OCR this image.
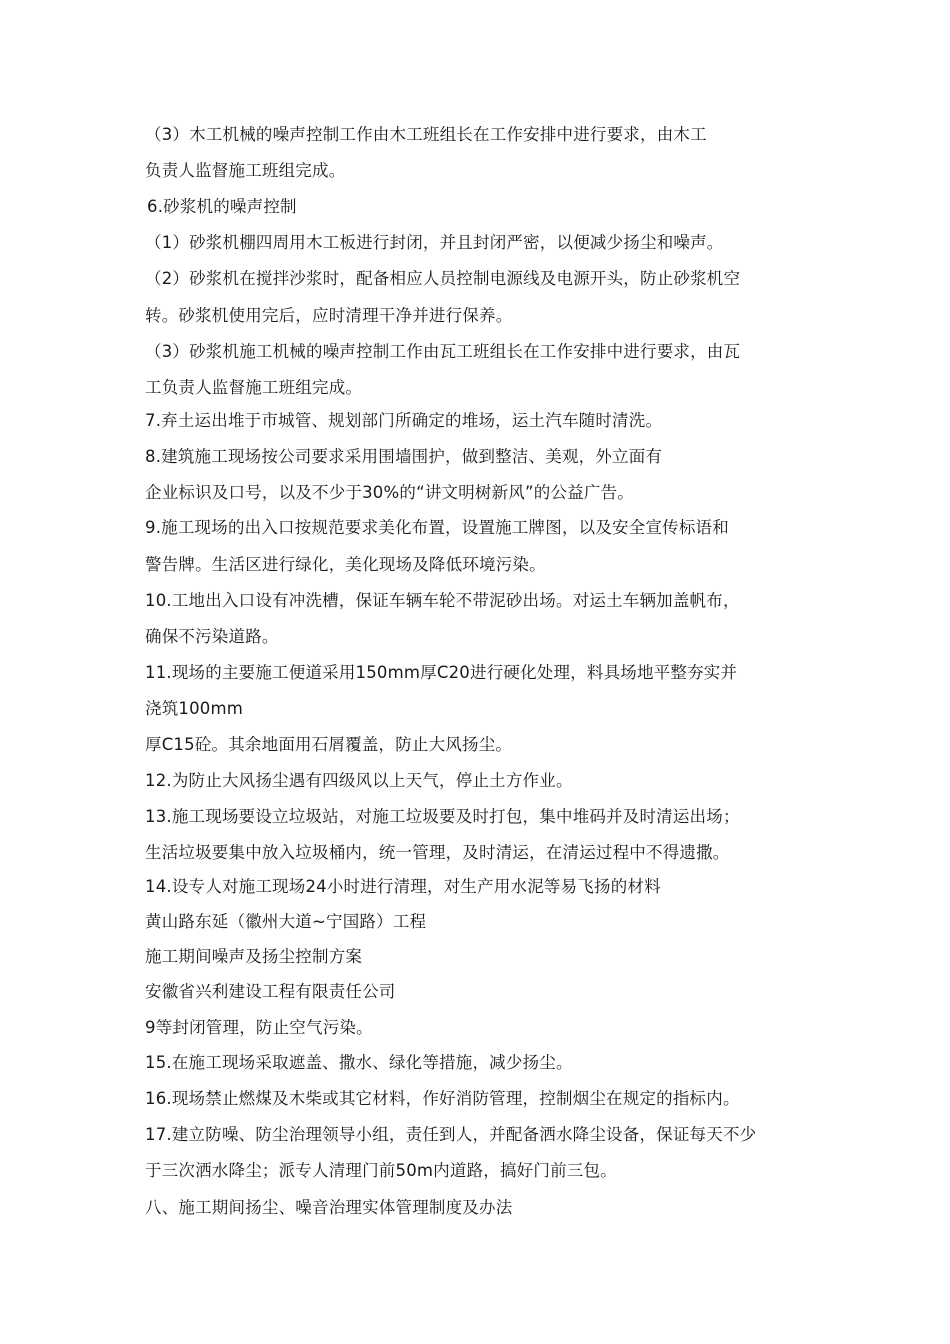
（3）木工机械的噪声控制工作由木工班组长在工作安排中进行要求，由木工
负责人监督施工班组完成。
6.砂浆机的噪声控制
（1）砂浆机棚四周用木工板进行封闭，并且封闭严密，以便减少扬尘和噪声。
（2）砂浆机在搅拌沙浆时，配备相应人员控制电源线及电源开头，防止砂浆机空
转。砂浆机使用完后，应时清理干净并进行保养。
（3）砂浆机施工机械的噪声控制工作由瓦工班组长在工作安排中进行要求，由瓦
工负责人监督施工班组完成。
7.弃土运出堆于市城管、规划部门所确定的堆场，运土汽车随时清洗。
8.建筑施工现场按公司要求采用围墙围护，做到整洁、美观，外立面有
企业标识及口号，以及不少于30%的“讲文明树新风”的公益广告。
9.施工现场的出入口按规范要求美化布置，设置施工牌图，以及安全宣传标语和
警告牌。生活区进行绿化，美化现场及降低环境污染。
10.工地出入口设有冲洗槽，保证车辆车轮不带泥砂出场。对运土车辆加盖帆布，
确保不污染道路。
11.现场的主要施工便道采用150mm厚C20进行硬化处理，料具场地平整夯实并
浇筑100mm
厚C15砼。其余地面用石屑覆盖，防止大风扬尘。
12.为防止大风扬尘遇有四级风以上天气，停止土方作业。
13.施工现场要设立垃圾站，对施工垃圾要及时打包，集中堆码并及时清运出场；
生活垃圾要集中放入垃圾桶内，统一管理，及时清运，在清运过程中不得遗撒。
14.设专人对施工现场24小时进行清理，对生产用水泥等易飞扬的材料
黄山路东延（徽州大道~宁国路）工程
施工期间噪声及扬尘控制方案
安徽省兴利建设工程有限责任公司
9等封闭管理，防止空气污染。
15.在施工现场采取遮盖、撒水、绿化等措施，减少扬尘。
16.现场禁止燃煤及木柴或其它材料，作好消防管理，控制烟尘在规定的指标内。
17.建立防噪、防尘治理领导小组，责任到人，并配备洒水降尘设备，保证每天不少
于三次洒水降尘；派专人清理门前50m内道路，搞好门前三包。
八、施工期间扬尘、噪音治理实体管理制度及办法
